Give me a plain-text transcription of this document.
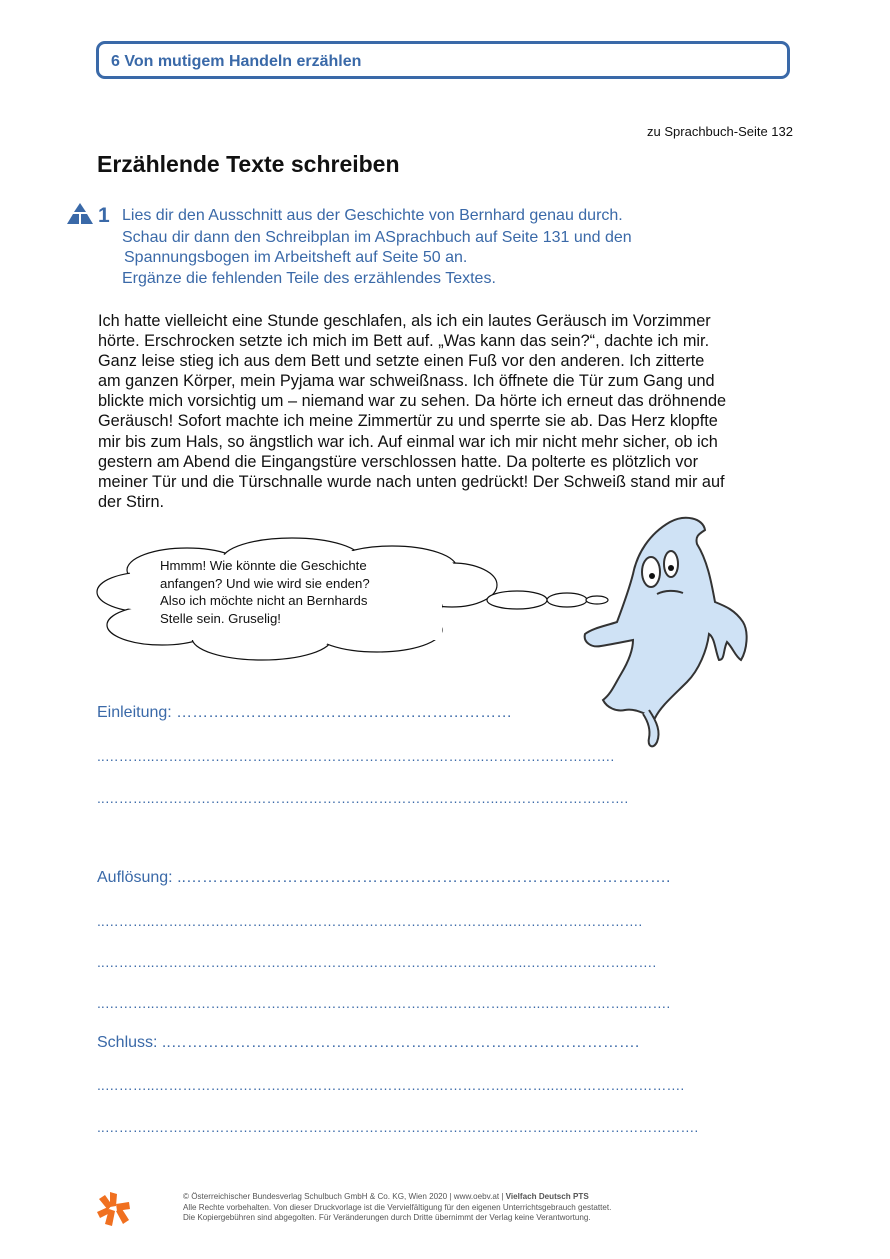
6 Von mutigem Handeln erzählen
zu Sprachbuch-Seite 132
Erzählende Texte schreiben
1 Lies dir den Ausschnitt aus der Geschichte von Bernhard genau durch.
Schau dir dann den Schreibplan im ASprachbuch auf Seite 131 und den
Spannungsbogen im Arbeitsheft auf Seite 50 an.
Ergänze die fehlenden Teile des erzählendes Textes.

Ich hatte vielleicht eine Stunde geschlafen, als ich ein lautes Geräusch im Vorzimmer

hörte. Erschrocken setzte ich mich im Bett auf. „Was kann das sein?“, dachte ich mir.

Ganz leise stieg ich aus dem Bett und setzte einen Fuß vor den anderen. Ich zitterte

am ganzen Körper, mein Pyjama war schweißnass. Ich öffnete die Tür zum Gang und

blickte mich vorsichtig um – niemand war zu sehen. Da hörte ich erneut das dröhnende

Geräusch! Sofort machte ich meine Zimmertür zu und sperrte sie ab. Das Herz klopfte

mir bis zum Hals, so ängstlich war ich. Auf einmal war ich mir nicht mehr sicher, ob ich

gestern am Abend die Eingangstüre verschlossen hatte. Da polterte es plötzlich vor

meiner Tür und die Türschnalle wurde nach unten gedrückt! Der Schweiß stand mir auf

der Stirn.

Hmmm! Wie könnte die Geschichte

anfangen? Und wie wird sie enden?

Also ich möchte nicht an Bernhards

Stelle sein. Gruselig!

Einleitung: ………………………………………………………
..………..……………………………………………………………..……………………….
..………..………………………………………………………………..……………………….
Auflösung: ..……………………………………………………………………………….
..………..…………………………………………………………………..……………………….
..………..……………………………………………………………………..……………………….
..………..………………………………………………………………………..……………………….
Schluss: ..…………………………………………………………………………….
..………..…………………………………………………………………………..……………………….
..………..……………………………………………………………………………..……………………….

© Österreichischer Bundesverlag Schulbuch GmbH & Co. KG, Wien 2020 | www.oebv.at | Vielfach Deutsch PTS

Alle Rechte vorbehalten. Von dieser Druckvorlage ist die Vervielfältigung für den eigenen Unterrichtsgebrauch gestattet.

Die Kopiergebühren sind abgegolten. Für Veränderungen durch Dritte übernimmt der Verlag keine Verantwortung.
